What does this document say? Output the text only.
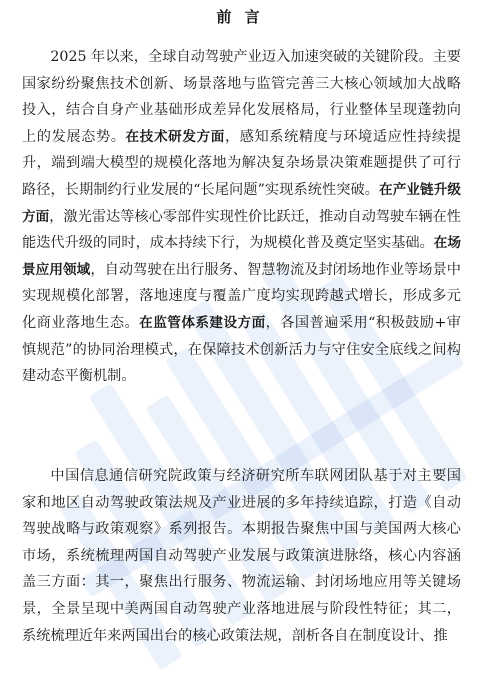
前 言

2025 年以来，全球自动驾驶产业迈入加速突破的关键阶段。主要国家纷纷聚焦技术创新、场景落地与监管完善三大核心领域加大战略投入，结合自身产业基础形成差异化发展格局，行业整体呈现蓬勃向上的发展态势。在技术研发方面，感知系统精度与环境适应性持续提升，端到端大模型的规模化落地为解决复杂场景决策难题提供了可行路径，长期制约行业发展的“长尾问题”实现系统性突破。在产业链升级方面，激光雷达等核心零部件实现性价比跃迁，推动自动驾驶车辆在性能迭代升级的同时，成本持续下行，为规模化普及奠定坚实基础。在场景应用领域，自动驾驶在出行服务、智慧物流及封闭场地作业等场景中实现规模化部署，落地速度与覆盖广度均实现跨越式增长，形成多元化商业落地生态。在监管体系建设方面，各国普遍采用“积极鼓励+审慎规范”的协同治理模式，在保障技术创新活力与守住安全底线之间构建动态平衡机制。

中国信息通信研究院政策与经济研究所车联网团队基于对主要国家和地区自动驾驶政策法规及产业进展的多年持续追踪，打造《自动驾驶战略与政策观察》系列报告。本期报告聚焦中国与美国两大核心市场，系统梳理两国自动驾驶产业发展与政策演进脉络，核心内容涵盖三方面：其一，聚焦出行服务、物流运输、封闭场地应用等关键场景，全景呈现中美两国自动驾驶产业落地进展与阶段性特征；其二，系统梳理近年来两国出台的核心政策法规，剖析各自在制度设计、推
